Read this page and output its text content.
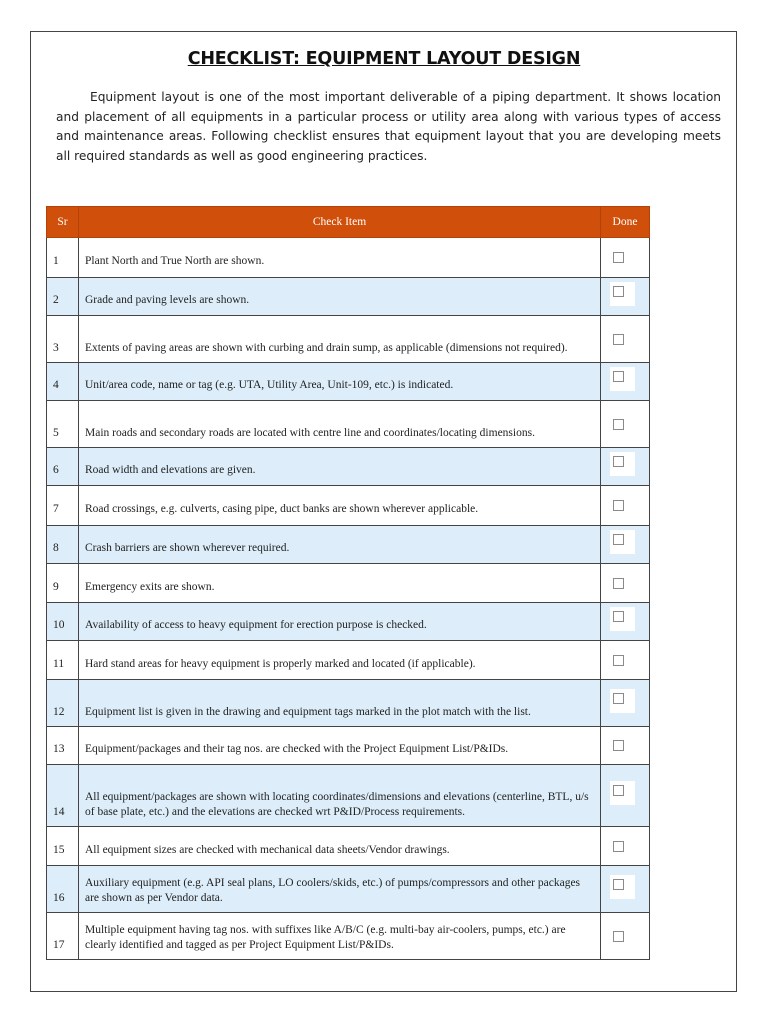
CHECKLIST: EQUIPMENT LAYOUT DESIGN

Equipment layout is one of the most important deliverable of a piping department. It shows location and placement of all equipments in a particular process or utility area along with various types of access and maintenance areas. Following checklist ensures that equipment layout that you are developing meets all required standards as well as good engineering practices.

Sr	Check Item	Done
1	Plant North and True North are shown.	

2	Grade and paving levels are shown.	

3	Extents of paving areas are shown with curbing and drain sump, as applicable (dimensions not required).	

4	Unit/area code, name or tag (e.g. UTA, Utility Area, Unit-109, etc.) is indicated.	

5	Main roads and secondary roads are located with centre line and coordinates/locating dimensions.	

6	Road width and elevations are given.	

7	Road crossings, e.g. culverts, casing pipe, duct banks are shown wherever applicable.	

8	Crash barriers are shown wherever required.	

9	Emergency exits are shown.	

10	Availability of access to heavy equipment for erection purpose is checked.	

11	Hard stand areas for heavy equipment is properly marked and located (if applicable).	

12	Equipment list is given in the drawing and equipment tags marked in the plot match with the list.	

13	Equipment/packages and their tag nos. are checked with the Project Equipment List/P&IDs.	

14	All equipment/packages are shown with locating coordinates/dimensions and elevations (centerline, BTL, u/s of base plate, etc.) and the elevations are checked wrt P&ID/Process requirements.	

15	All equipment sizes are checked with mechanical data sheets/Vendor drawings.	

16	Auxiliary equipment (e.g. API seal plans, LO coolers/skids, etc.) of pumps/compressors and other packages are shown as per Vendor data.	

17	Multiple equipment having tag nos. with suffixes like A/B/C (e.g. multi-bay air-coolers, pumps, etc.) are clearly identified and tagged as per Project Equipment List/P&IDs.	
